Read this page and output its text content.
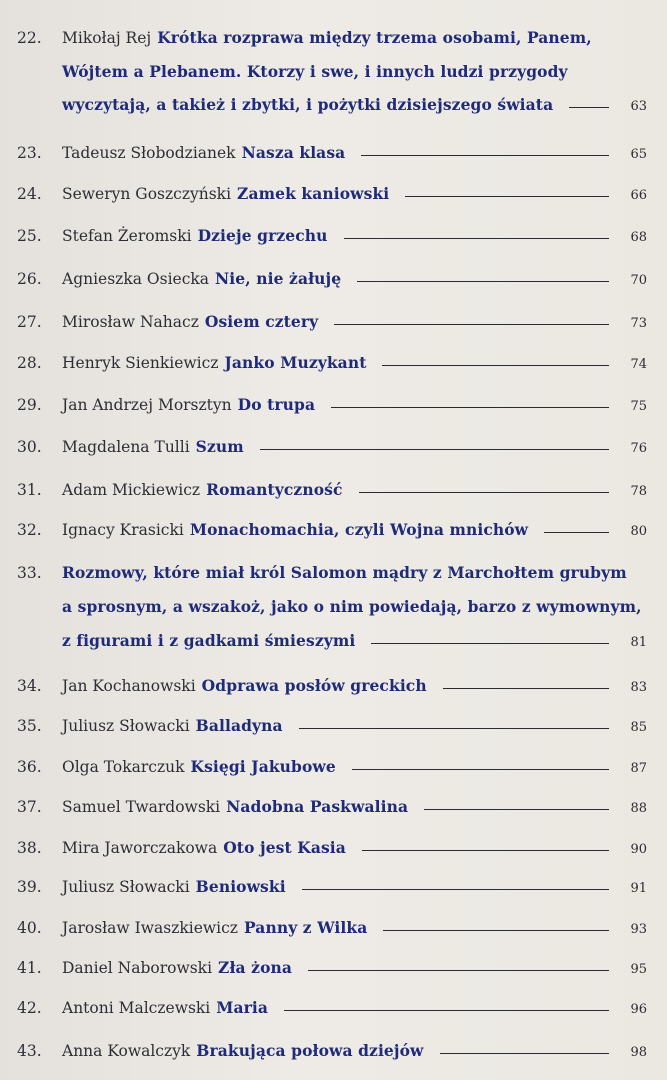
22. Mikołaj Rej Krótka rozprawa między trzema osobami, Panem,
Wójtem a Plebanem. Ktorzy i swe, i innych ludzi przygody
wyczytają, a takież i zbytki, i pożytki dzisiejszego świata	63
23. Tadeusz Słobodzianek Nasza klasa	65
24. Seweryn Goszczyński Zamek kaniowski	66
25. Stefan Żeromski Dzieje grzechu	68
26. Agnieszka Osiecka Nie, nie żałuję	70
27. Mirosław Nahacz Osiem cztery	73
28. Henryk Sienkiewicz Janko Muzykant	74
29. Jan Andrzej Morsztyn Do trupa	75
30. Magdalena Tulli Szum	76
31. Adam Mickiewicz Romantyczność	78
32. Ignacy Krasicki Monachomachia, czyli Wojna mnichów	80
33. Rozmowy, które miał król Salomon mądry z Marchołtem grubym
a sprosnym, a wszakoż, jako o nim powiedają, barzo z wymownym,
z figurami i z gadkami śmieszymi	81
34. Jan Kochanowski Odprawa posłów greckich	83
35. Juliusz Słowacki Balladyna	85
36. Olga Tokarczuk Księgi Jakubowe	87
37. Samuel Twardowski Nadobna Paskwalina	88
38. Mira Jaworczakowa Oto jest Kasia	90
39. Juliusz Słowacki Beniowski	91
40. Jarosław Iwaszkiewicz Panny z Wilka	93
41. Daniel Naborowski Zła żona	95
42. Antoni Malczewski Maria	96
43. Anna Kowalczyk Brakująca połowa dziejów	98
